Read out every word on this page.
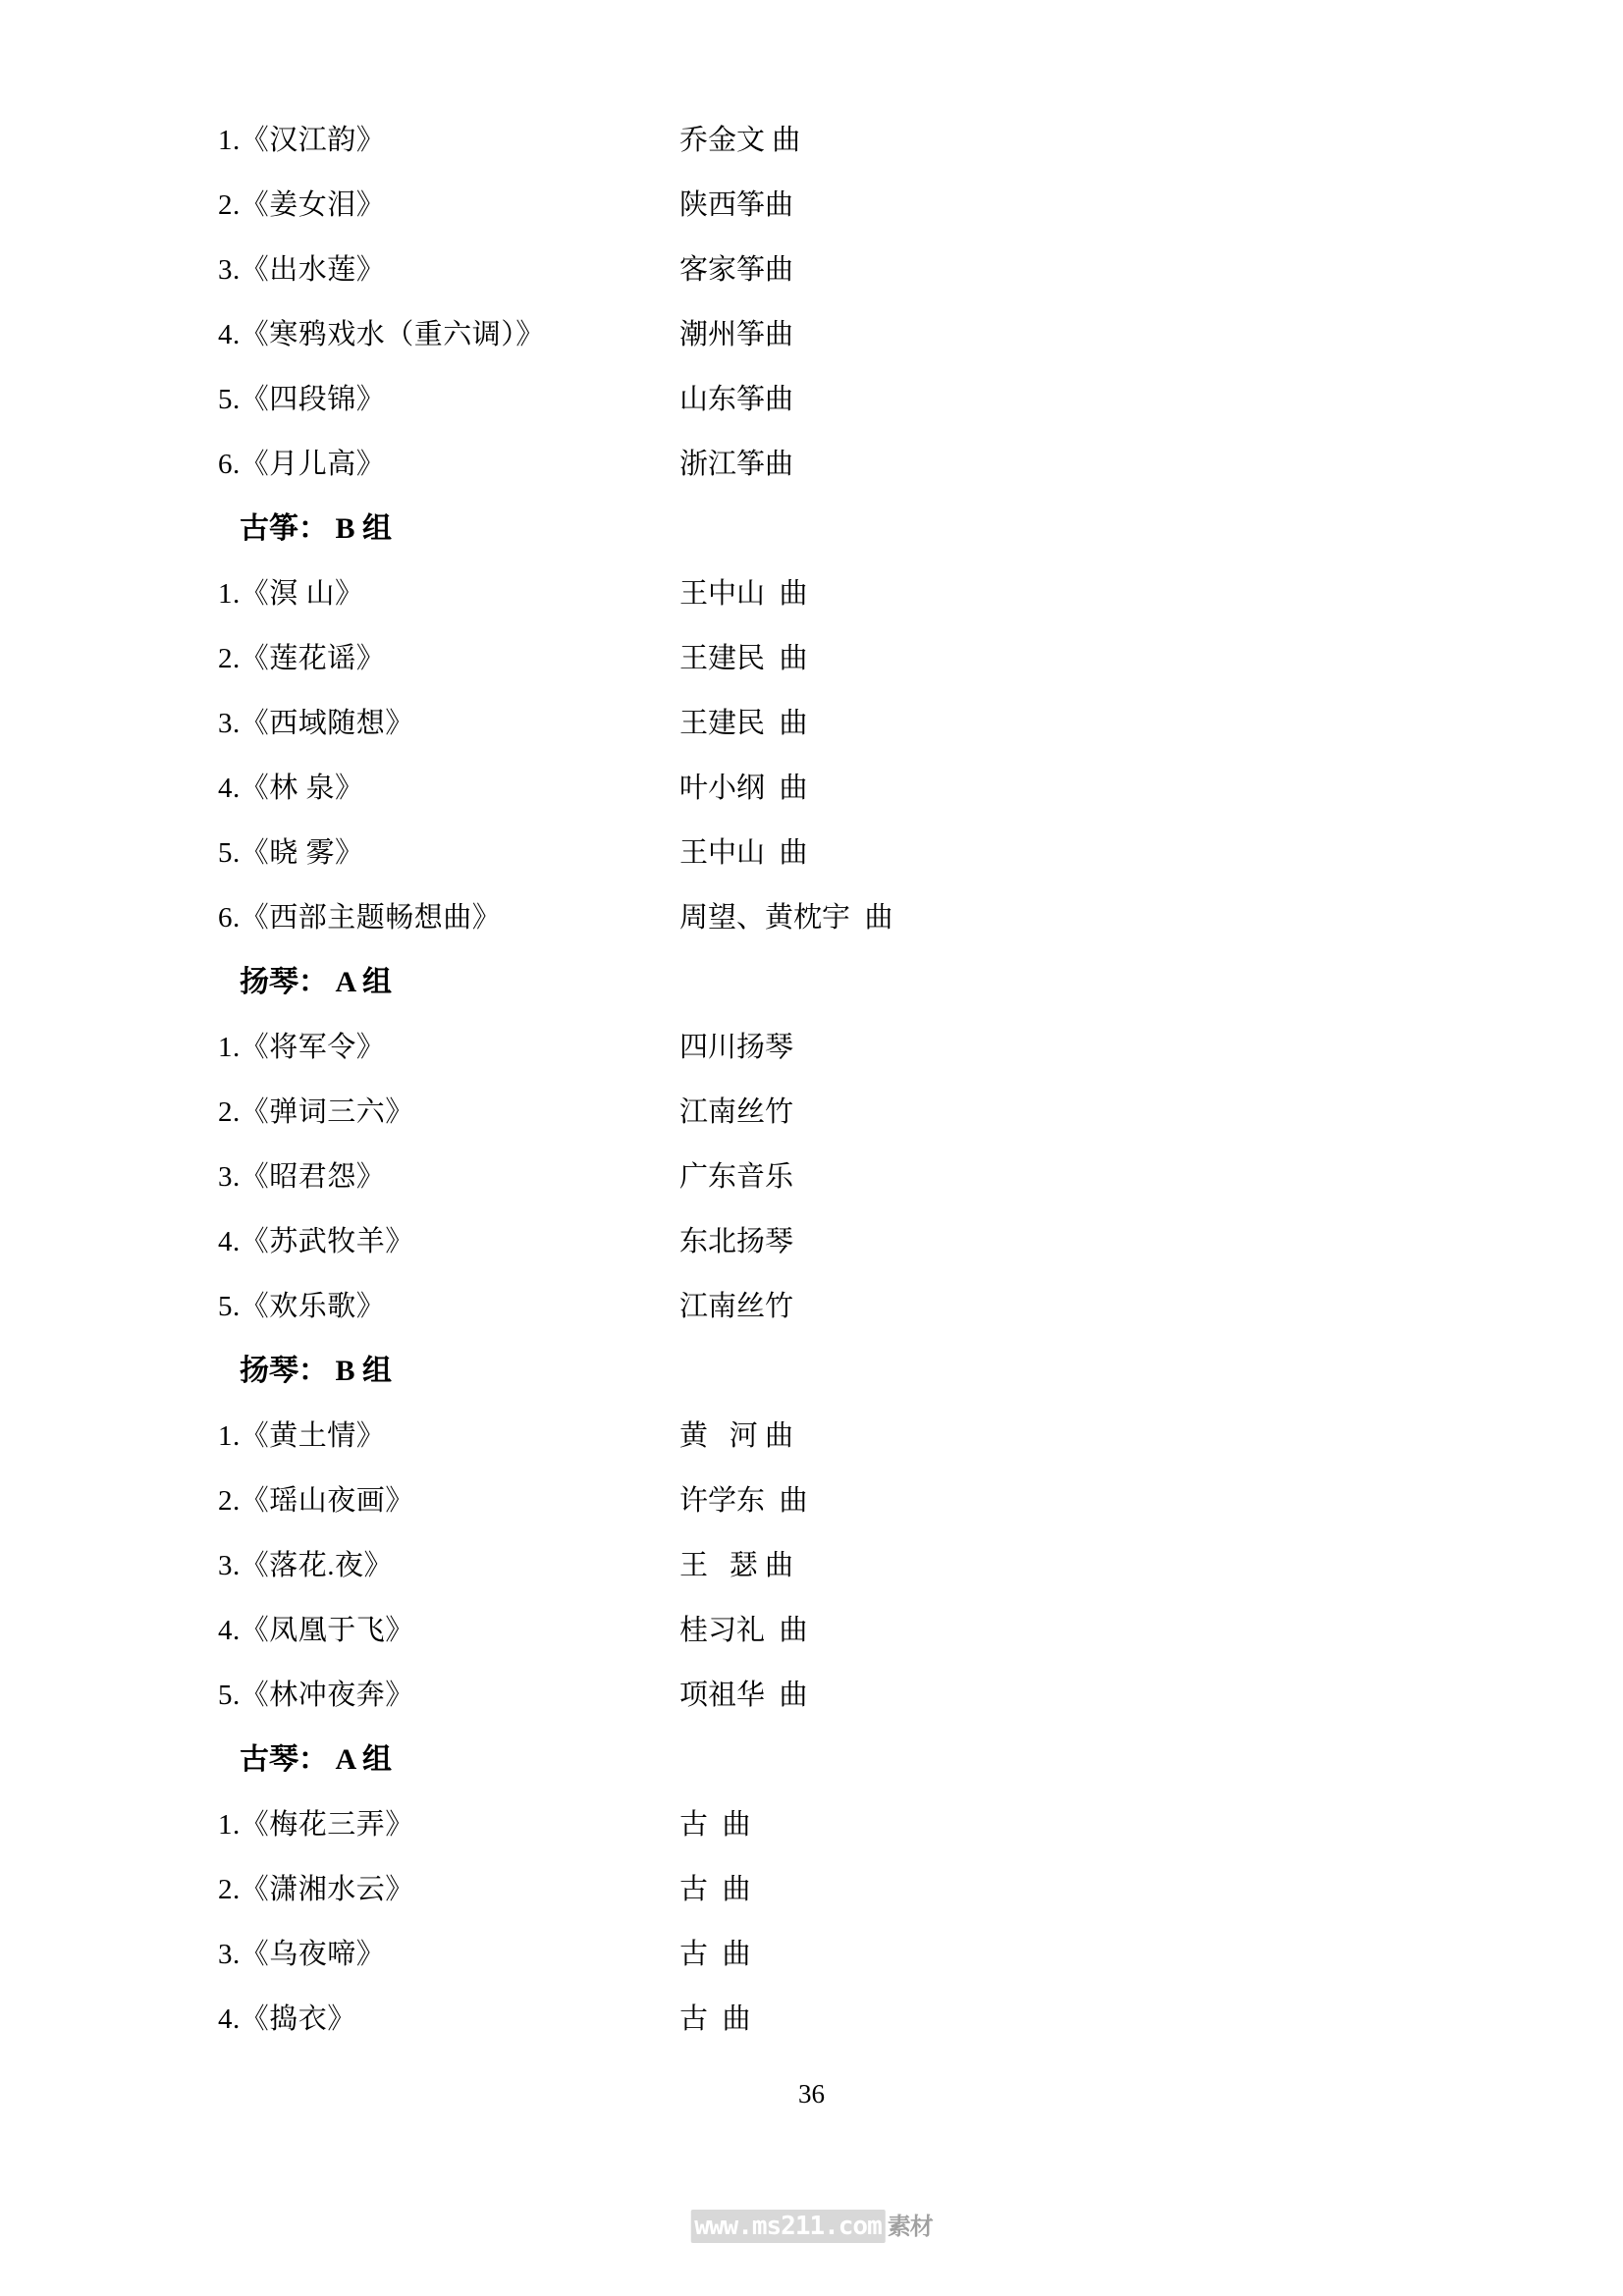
1.《汉江韵》	乔金文 曲
2.《姜女泪》	陕西筝曲
3.《出水莲》	客家筝曲
4.《寒鸦戏水（重六调）》	潮州筝曲
5.《四段锦》	山东筝曲
6.《月儿高》	浙江筝曲
古筝： B 组
1.《溟 山》	王中山  曲
2.《莲花谣》	王建民  曲
3.《西域随想》	王建民  曲
4.《林 泉》	叶小纲  曲
5.《晓 雾》	王中山  曲
6.《西部主题畅想曲》	周望、黄枕宇  曲
扬琴： A 组
1.《将军令》	四川扬琴
2.《弹词三六》	江南丝竹
3.《昭君怨》	广东音乐
4.《苏武牧羊》	东北扬琴
5.《欢乐歌》	江南丝竹
扬琴： B 组
1.《黄土情》	黄   河 曲
2.《瑶山夜画》	许学东  曲
3.《落花.夜》	王   瑟 曲
4.《凤凰于飞》	桂习礼  曲
5.《林冲夜奔》	项祖华  曲
古琴： A 组
1.《梅花三弄》	古  曲
2.《潇湘水云》	古  曲
3.《乌夜啼》	古  曲
4.《捣衣》	古  曲
36
www.ms211.com 素材
